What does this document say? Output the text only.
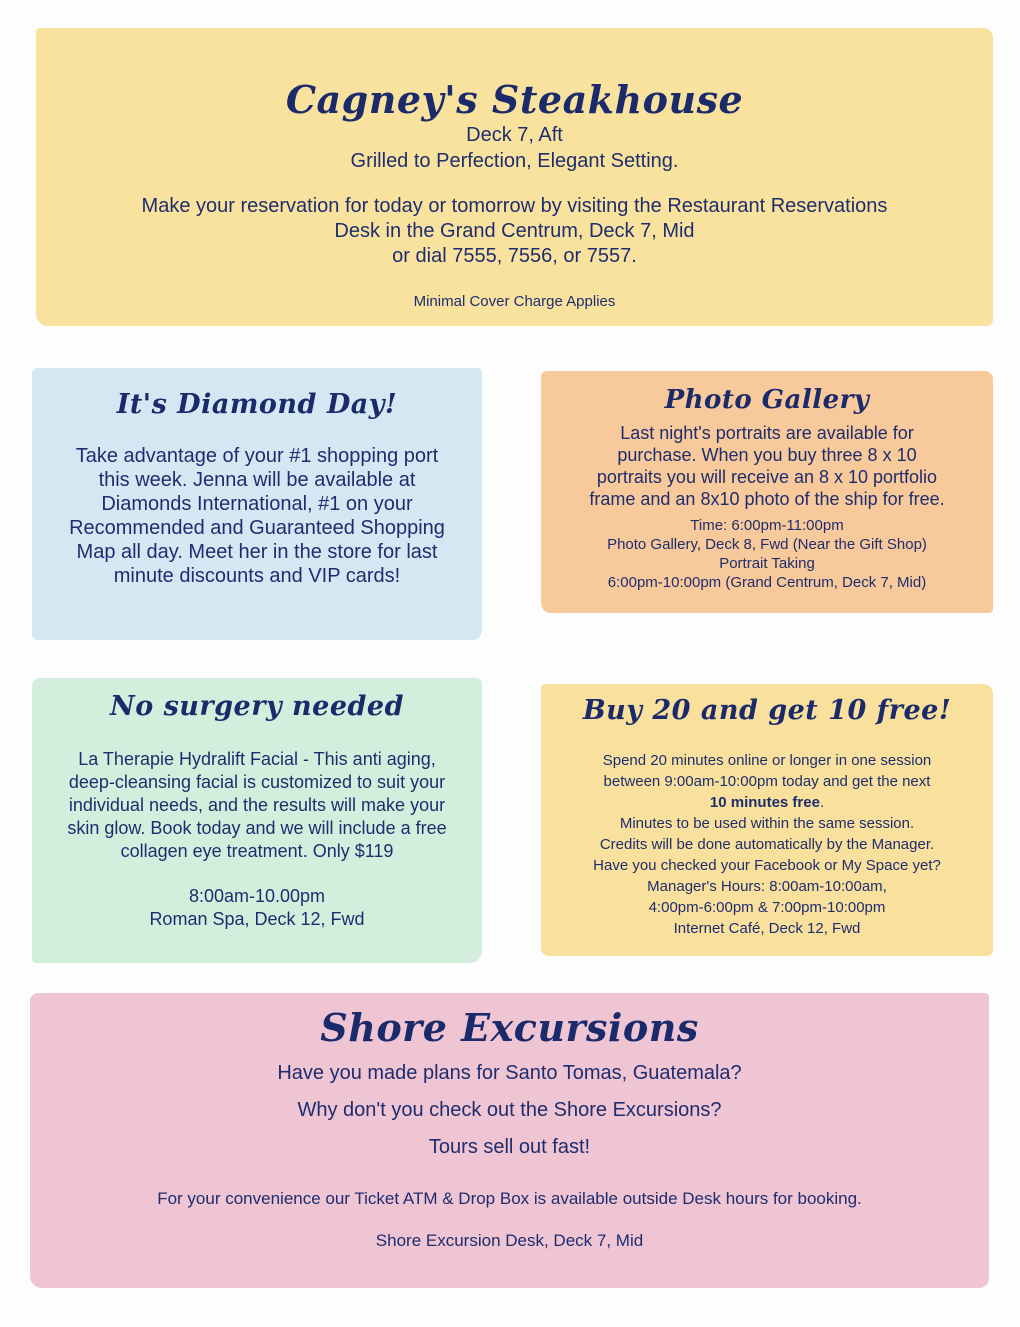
Cagney's Steakhouse
Deck 7, Aft
Grilled to Perfection, Elegant Setting.
Make your reservation for today or tomorrow by visiting the Restaurant Reservations
Desk in the Grand Centrum, Deck 7, Mid
or dial 7555, 7556, or 7557.
Minimal Cover Charge Applies
It's Diamond Day!
Take advantage of your #1 shopping port
this week. Jenna will be available at
Diamonds International, #1 on your
Recommended and Guaranteed Shopping
Map all day. Meet her in the store for last
minute discounts and VIP cards!
Photo Gallery
Last night's portraits are available for
purchase. When you buy three 8 x 10
portraits you will receive an 8 x 10 portfolio
frame and an 8x10 photo of the ship for free.
Time: 6:00pm-11:00pm
Photo Gallery, Deck 8, Fwd (Near the Gift Shop)
Portrait Taking
6:00pm-10:00pm (Grand Centrum, Deck 7, Mid)
No surgery needed
La Therapie Hydralift Facial - This anti aging,
deep-cleansing facial is customized to suit your
individual needs, and the results will make your
skin glow. Book today and we will include a free
collagen eye treatment. Only $119
8:00am-10.00pm
Roman Spa, Deck 12, Fwd
Buy 20 and get 10 free!
Spend 20 minutes online or longer in one session
between 9:00am-10:00pm today and get the next
10 minutes free.
Minutes to be used within the same session.
Credits will be done automatically by the Manager.
Have you checked your Facebook or My Space yet?
Manager's Hours: 8:00am-10:00am,
4:00pm-6:00pm & 7:00pm-10:00pm
Internet Café, Deck 12, Fwd
Shore Excursions
Have you made plans for Santo Tomas, Guatemala?
Why don't you check out the Shore Excursions?
Tours sell out fast!
For your convenience our Ticket ATM & Drop Box is available outside Desk hours for booking.
Shore Excursion Desk, Deck 7, Mid
